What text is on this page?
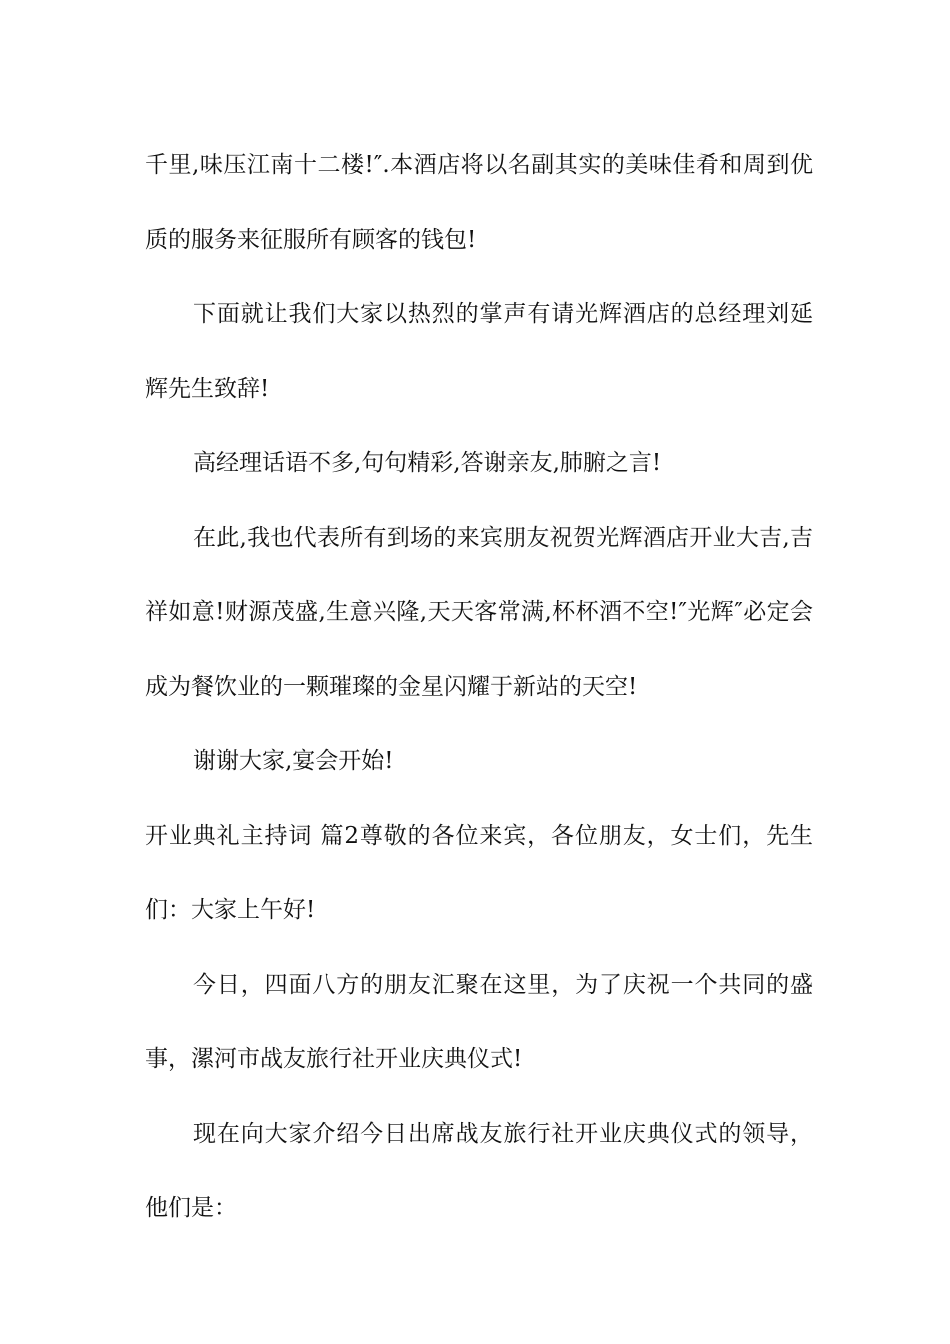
千里,味压江南十二楼!″.本酒店将以名副其实的美味佳肴和周到优质的服务来征服所有顾客的钱包!

下面就让我们大家以热烈的掌声有请光辉酒店的总经理刘延辉先生致辞!

高经理话语不多,句句精彩,答谢亲友,肺腑之言!

在此,我也代表所有到场的来宾朋友祝贺光辉酒店开业大吉,吉祥如意!财源茂盛,生意兴隆,天天客常满,杯杯酒不空!″光辉″必定会成为餐饮业的一颗璀璨的金星闪耀于新站的天空!

谢谢大家,宴会开始!

开业典礼主持词 篇2尊敬的各位来宾，各位朋友，女士们，先生们：大家上午好!

今日，四面八方的朋友汇聚在这里，为了庆祝一个共同的盛事，漯河市战友旅行社开业庆典仪式!

现在向大家介绍今日出席战友旅行社开业庆典仪式的领导，他们是：
